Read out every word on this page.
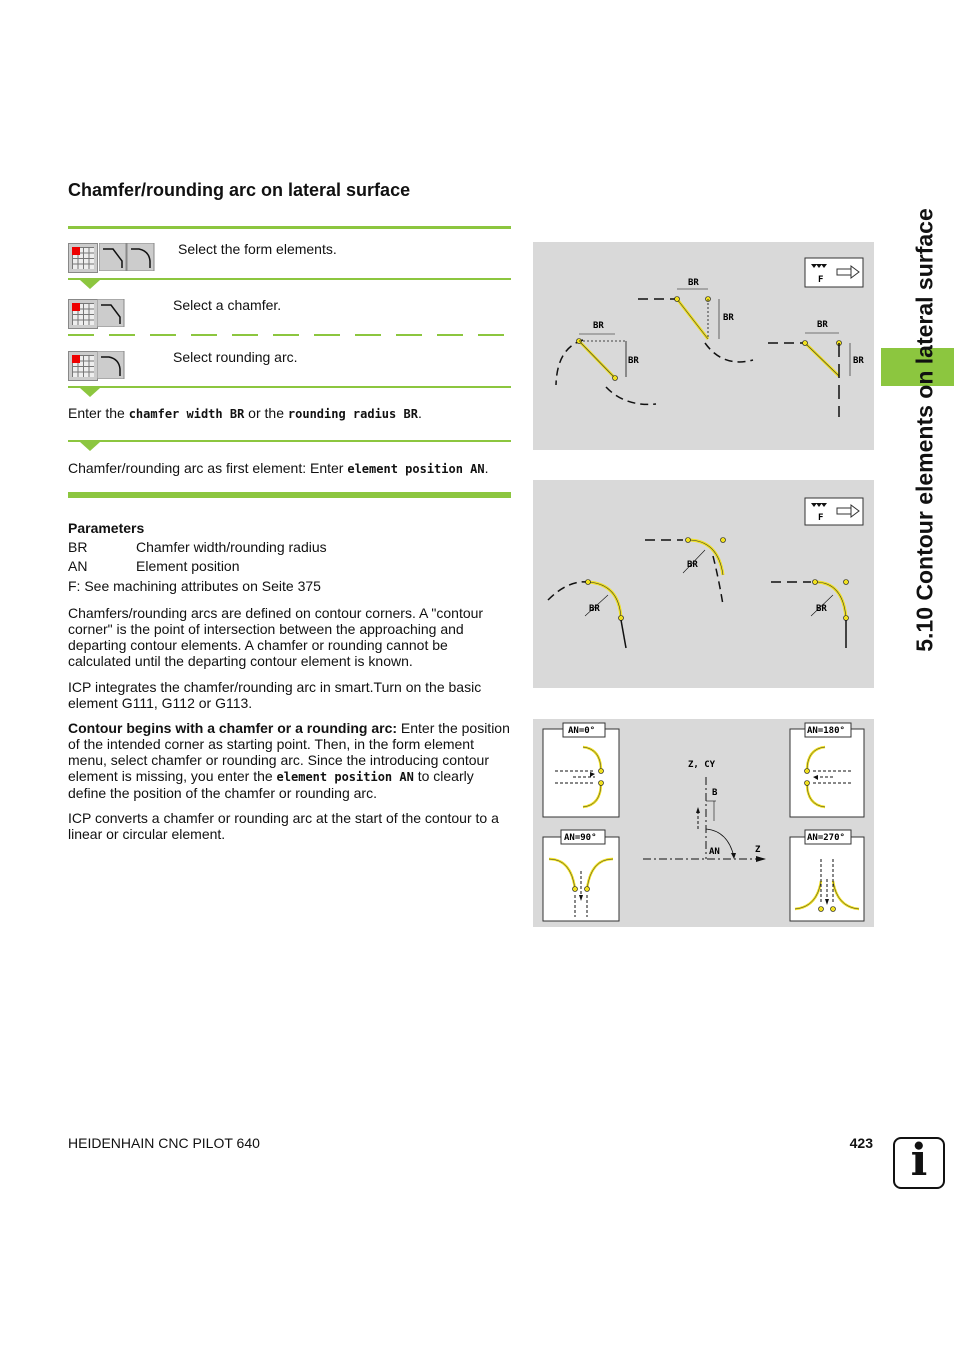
Chamfer/rounding arc on lateral surface
5.10 Contour elements on lateral surface
Select the form elements.
Select a chamfer.
Select rounding arc.
Enter the chamfer width BR or the rounding radius BR.
Chamfer/rounding arc as first element: Enter element position AN.
Parameters
BR	Chamfer width/rounding radius
AN	Element position
F: See machining attributes on Seite 375
Chamfers/rounding arcs are defined on contour corners. A "contour corner" is the point of intersection between the approaching and departing contour elements. A chamfer or rounding cannot be calculated until the departing contour element is known.
ICP integrates the chamfer/rounding arc in smart.Turn on the basic element G111, G112 or G113.
Contour begins with a chamfer or a rounding arc: Enter the position of the intended corner as starting point. Then, in the form element menu, select chamfer or rounding arc. Since the introducing contour element is missing, you enter the element position AN to clearly define the position of the chamfer or rounding arc.
ICP converts a chamfer or rounding arc at the start of the contour to a linear or circular element.
F
BR
BR
BR
BR
BR
BR
F
BR
BR
BR
AN=0°	AN=180°
AN=90°	AN=270°
Z, CY
Z
B
AN
HEIDENHAIN CNC PILOT 640	423 i
